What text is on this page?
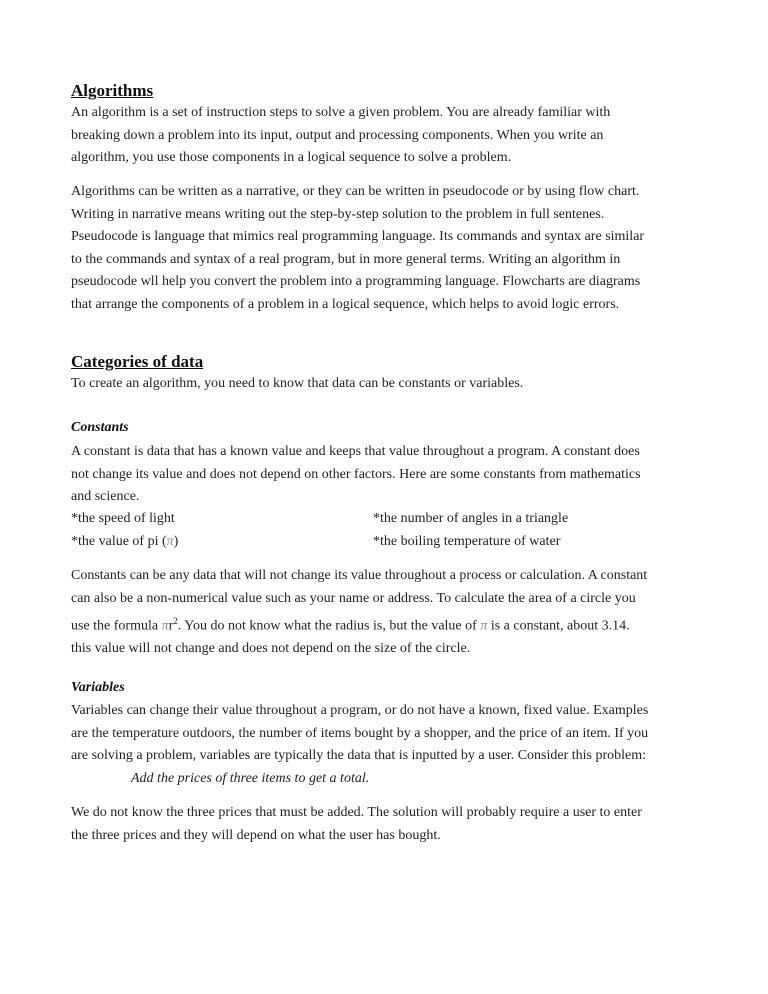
Algorithms
An algorithm is a set of instruction steps to solve a given problem. You are already familiar with
breaking down a problem into its input, output and processing components. When you write an
algorithm, you use those components in a logical sequence to solve a problem.
Algorithms can be written as a narrative, or they can be written in pseudocode or by using flow chart.
Writing in narrative means writing out the step-by-step solution to the problem in full sentenes.
Pseudocode is language that mimics real programming language. Its commands and syntax are similar
to the commands and syntax of a real program, but in more general terms. Writing an algorithm in
pseudocode wll help you convert the problem into a programming language. Flowcharts are diagrams
that arrange the components of a problem in a logical sequence, which helps to avoid logic errors.
Categories of data
To create an algorithm, you need to know that data can be constants or variables.
Constants
A constant is data that has a known value and keeps that value throughout a program. A constant does
not change its value and does not depend on other factors. Here are some constants from mathematics
and science.
*the speed of light	*the number of angles in a triangle
*the value of pi (π)	*the boiling temperature of water
Constants can be any data that will not change its value throughout a process or calculation. A constant
can also be a non-numerical value such as your name or address. To calculate the area of a circle you
use the formula $\pi r^2$. You do not know what the radius is, but the value of π is a constant, about 3.14.
this value will not change and does not depend on the size of the circle.
Variables
Variables can change their value throughout a program, or do not have a known, fixed value. Examples
are the temperature outdoors, the number of items bought by a shopper, and the price of an item. If you
are solving a problem, variables are typically the data that is inputted by a user. Consider this problem:
Add the prices of three items to get a total.
We do not know the three prices that must be added. The solution will probably require a user to enter
the three prices and they will depend on what the user has bought.
